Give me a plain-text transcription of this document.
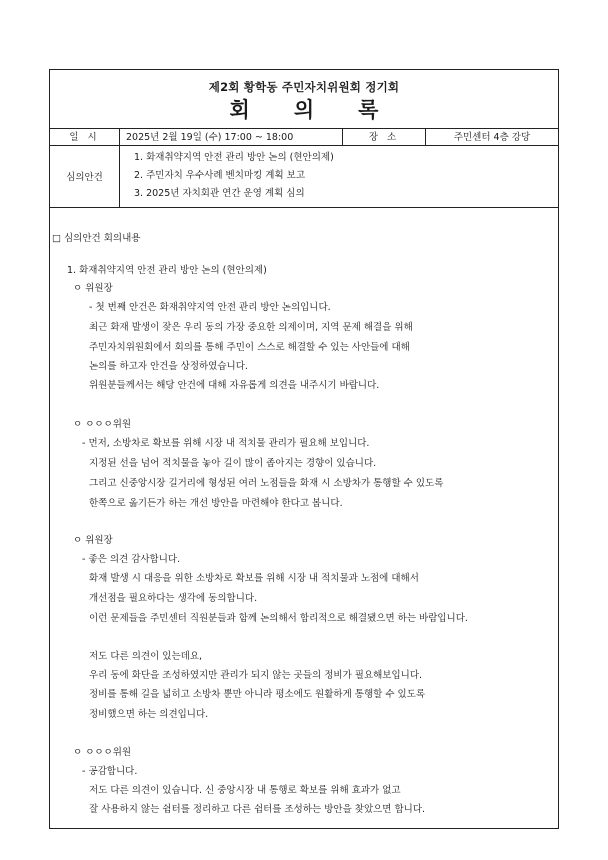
제2회 황학동 주민자치위원회 정기회
회 의 록
일 시	2025년 2월 19일 (수) 17:00 ~ 18:00	장 소	주민센터 4층 강당
심의안건	1. 화재취약지역 안전 관리 방안 논의 (현안의제)
2. 주민자치 우수사례 벤치마킹 계획 보고
3. 2025년 자치회관 연간 운영 계획 심의		
□ 심의안건 회의내용
1. 화재취약지역 안전 관리 방안 논의 (현안의제)
ㅇ 위원장
- 첫 번째 안건은 화재취약지역 안전 관리 방안 논의입니다.
최근 화재 발생이 잦은 우리 동의 가장 중요한 의제이며, 지역 문제 해결을 위해
주민자치위원회에서 회의를 통해 주민이 스스로 해결할 수 있는 사안들에 대해
논의를 하고자 안건을 상정하였습니다.
위원분들께서는 해당 안건에 대해 자유롭게 의견을 내주시기 바랍니다.
ㅇ ㅇㅇㅇ위원
- 먼저, 소방차로 확보를 위해 시장 내 적치물 관리가 필요해 보입니다.
지정된 선을 넘어 적치물을 놓아 길이 많이 좁아지는 경향이 있습니다.
그리고 신중앙시장 길거리에 형성된 여러 노점들을 화재 시 소방차가 통행할 수 있도록
한쪽으로 옮기든가 하는 개선 방안을 마련해야 한다고 봅니다.
ㅇ 위원장
- 좋은 의견 감사합니다.
화재 발생 시 대응을 위한 소방차로 확보를 위해 시장 내 적치물과 노점에 대해서
개선점을 필요하다는 생각에 동의합니다.
이런 문제들을 주민센터 직원분들과 함께 논의해서 합리적으로 해결됐으면 하는 바람입니다.
저도 다른 의견이 있는데요,
우리 동에 화단을 조성하였지만 관리가 되지 않는 곳들의 정비가 필요해보입니다.
정비를 통해 길을 넓히고 소방차 뿐만 아니라 평소에도 원활하게 통행할 수 있도록
정비했으면 하는 의견입니다.
ㅇ ㅇㅇㅇ위원
- 공감합니다.
저도 다른 의견이 있습니다. 신 중앙시장 내 통행로 확보를 위해 효과가 없고
잘 사용하지 않는 쉼터를 정리하고 다른 쉼터를 조성하는 방안을 찾았으면 합니다.
